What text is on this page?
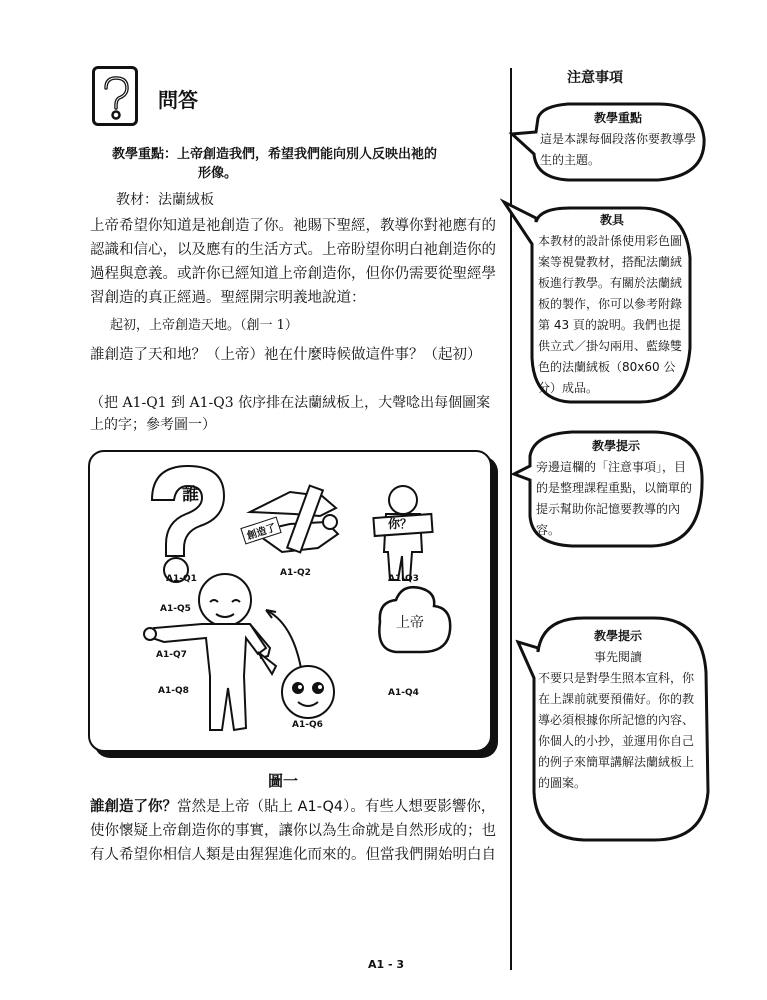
問答
教學重點：上帝創造我們，希望我們能向別人反映出祂的
形像。
教材：法蘭絨板
上帝希望你知道是祂創造了你。祂賜下聖經，教導你對祂應有的認識和信心，以及應有的生活方式。上帝盼望你明白祂創造你的過程與意義。或許你已經知道上帝創造你，但你仍需要從聖經學習創造的真正經過。聖經開宗明義地說道：
起初，上帝創造天地。（創一 1）
誰創造了天和地？（上帝）祂在什麼時候做這件事？（起初）
（把 A1-Q1 到 A1-Q3 依序排在法蘭絨板上，大聲唸出每個圖案上的字；參考圖一）
誰
創造了	你？
上帝
A1-Q1
A1-Q2
A1-Q3
A1-Q5
A1-Q7
A1-Q4
A1-Q8
A1-Q6
圖一
誰創造了你？當然是上帝（貼上 A1-Q4）。有些人想要影響你，使你懷疑上帝創造你的事實，讓你以為生命就是自然形成的；也有人希望你相信人類是由猩猩進化而來的。但當我們開始明白自
注意事項
教學重點
這是本課每個段落你要教導學生的主題。
教具
本教材的設計係使用彩色圖案等視覺教材，搭配法蘭絨板進行教學。有關於法蘭絨板的製作，你可以參考附錄第 43 頁的說明。我們也提供立式／掛勾兩用、藍綠雙色的法蘭絨板（80x60 公分）成品。
教學提示
旁邊這欄的「注意事項」，目的是整理課程重點，以簡單的提示幫助你記憶要教導的內容。
教學提示
事先閱讀
不要只是對學生照本宣科，你在上課前就要預備好。你的教導必須根據你所記憶的內容、你個人的小抄，並運用你自己的例子來簡單講解法蘭絨板上的圖案。
A1 - 3
